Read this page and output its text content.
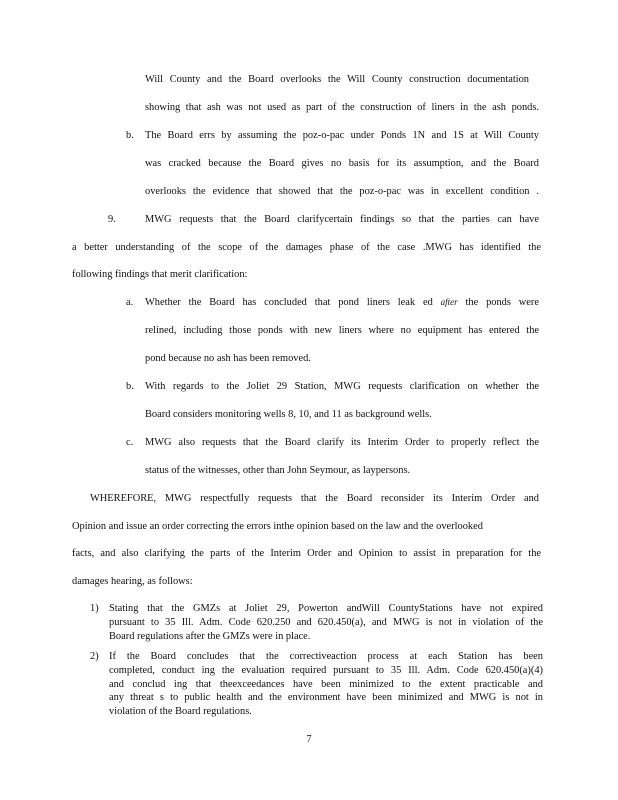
Will County and the Board overlooks the Will County construction documentation
showing that ash was not used as part of the construction of liners in the ash ponds.
b. The Board errs by assuming the poz-o-pac under Ponds 1N and 1S at Will County
was cracked because the Board gives no basis for its assumption, and the Board
overlooks the evidence that showed that the poz-o-pac was in excellent condition .
9.	MWG requests that the Board clarifycertain findings so that the parties can have
a better understanding of the scope of the damages phase of the case .MWG has identified the
following findings that merit clarification:
a. Whether the Board has concluded that pond liners leak ed after the ponds were
relined, including those ponds with new liners where no equipment has entered the
pond because no ash has been removed.
b. With regards to the Joliet 29 Station, MWG requests clarification on whether the
Board considers monitoring wells 8, 10, and 11 as background wells.
c. MWG also requests that the Board clarify its Interim Order to properly reflect the
status of the witnesses, other than John Seymour, as laypersons.
WHEREFORE, MWG respectfully requests that the Board reconsider its Interim Order and
Opinion and issue an order correcting the errors inthe opinion based on the law and the overlooked
facts, and also clarifying the parts of the Interim Order and Opinion to assist in preparation for the
damages hearing, as follows:
1) Stating that the GMZs at Joliet 29, Powerton andWill CountyStations have not expired
pursuant to 35 Ill. Adm. Code 620.250 and 620.450(a), and MWG is not in violation of the
Board regulations after the GMZs were in place.
2) If the Board concludes that the correctiveaction process at each Station has been
completed, conduct ing the evaluation required pursuant to 35 Ill. Adm. Code 620.450(a)(4)
and conclud ing that theexceedances have been minimized to the extent practicable and
any threat s to public health and the environment have been minimized and MWG is not in
violation of the Board regulations.
7
